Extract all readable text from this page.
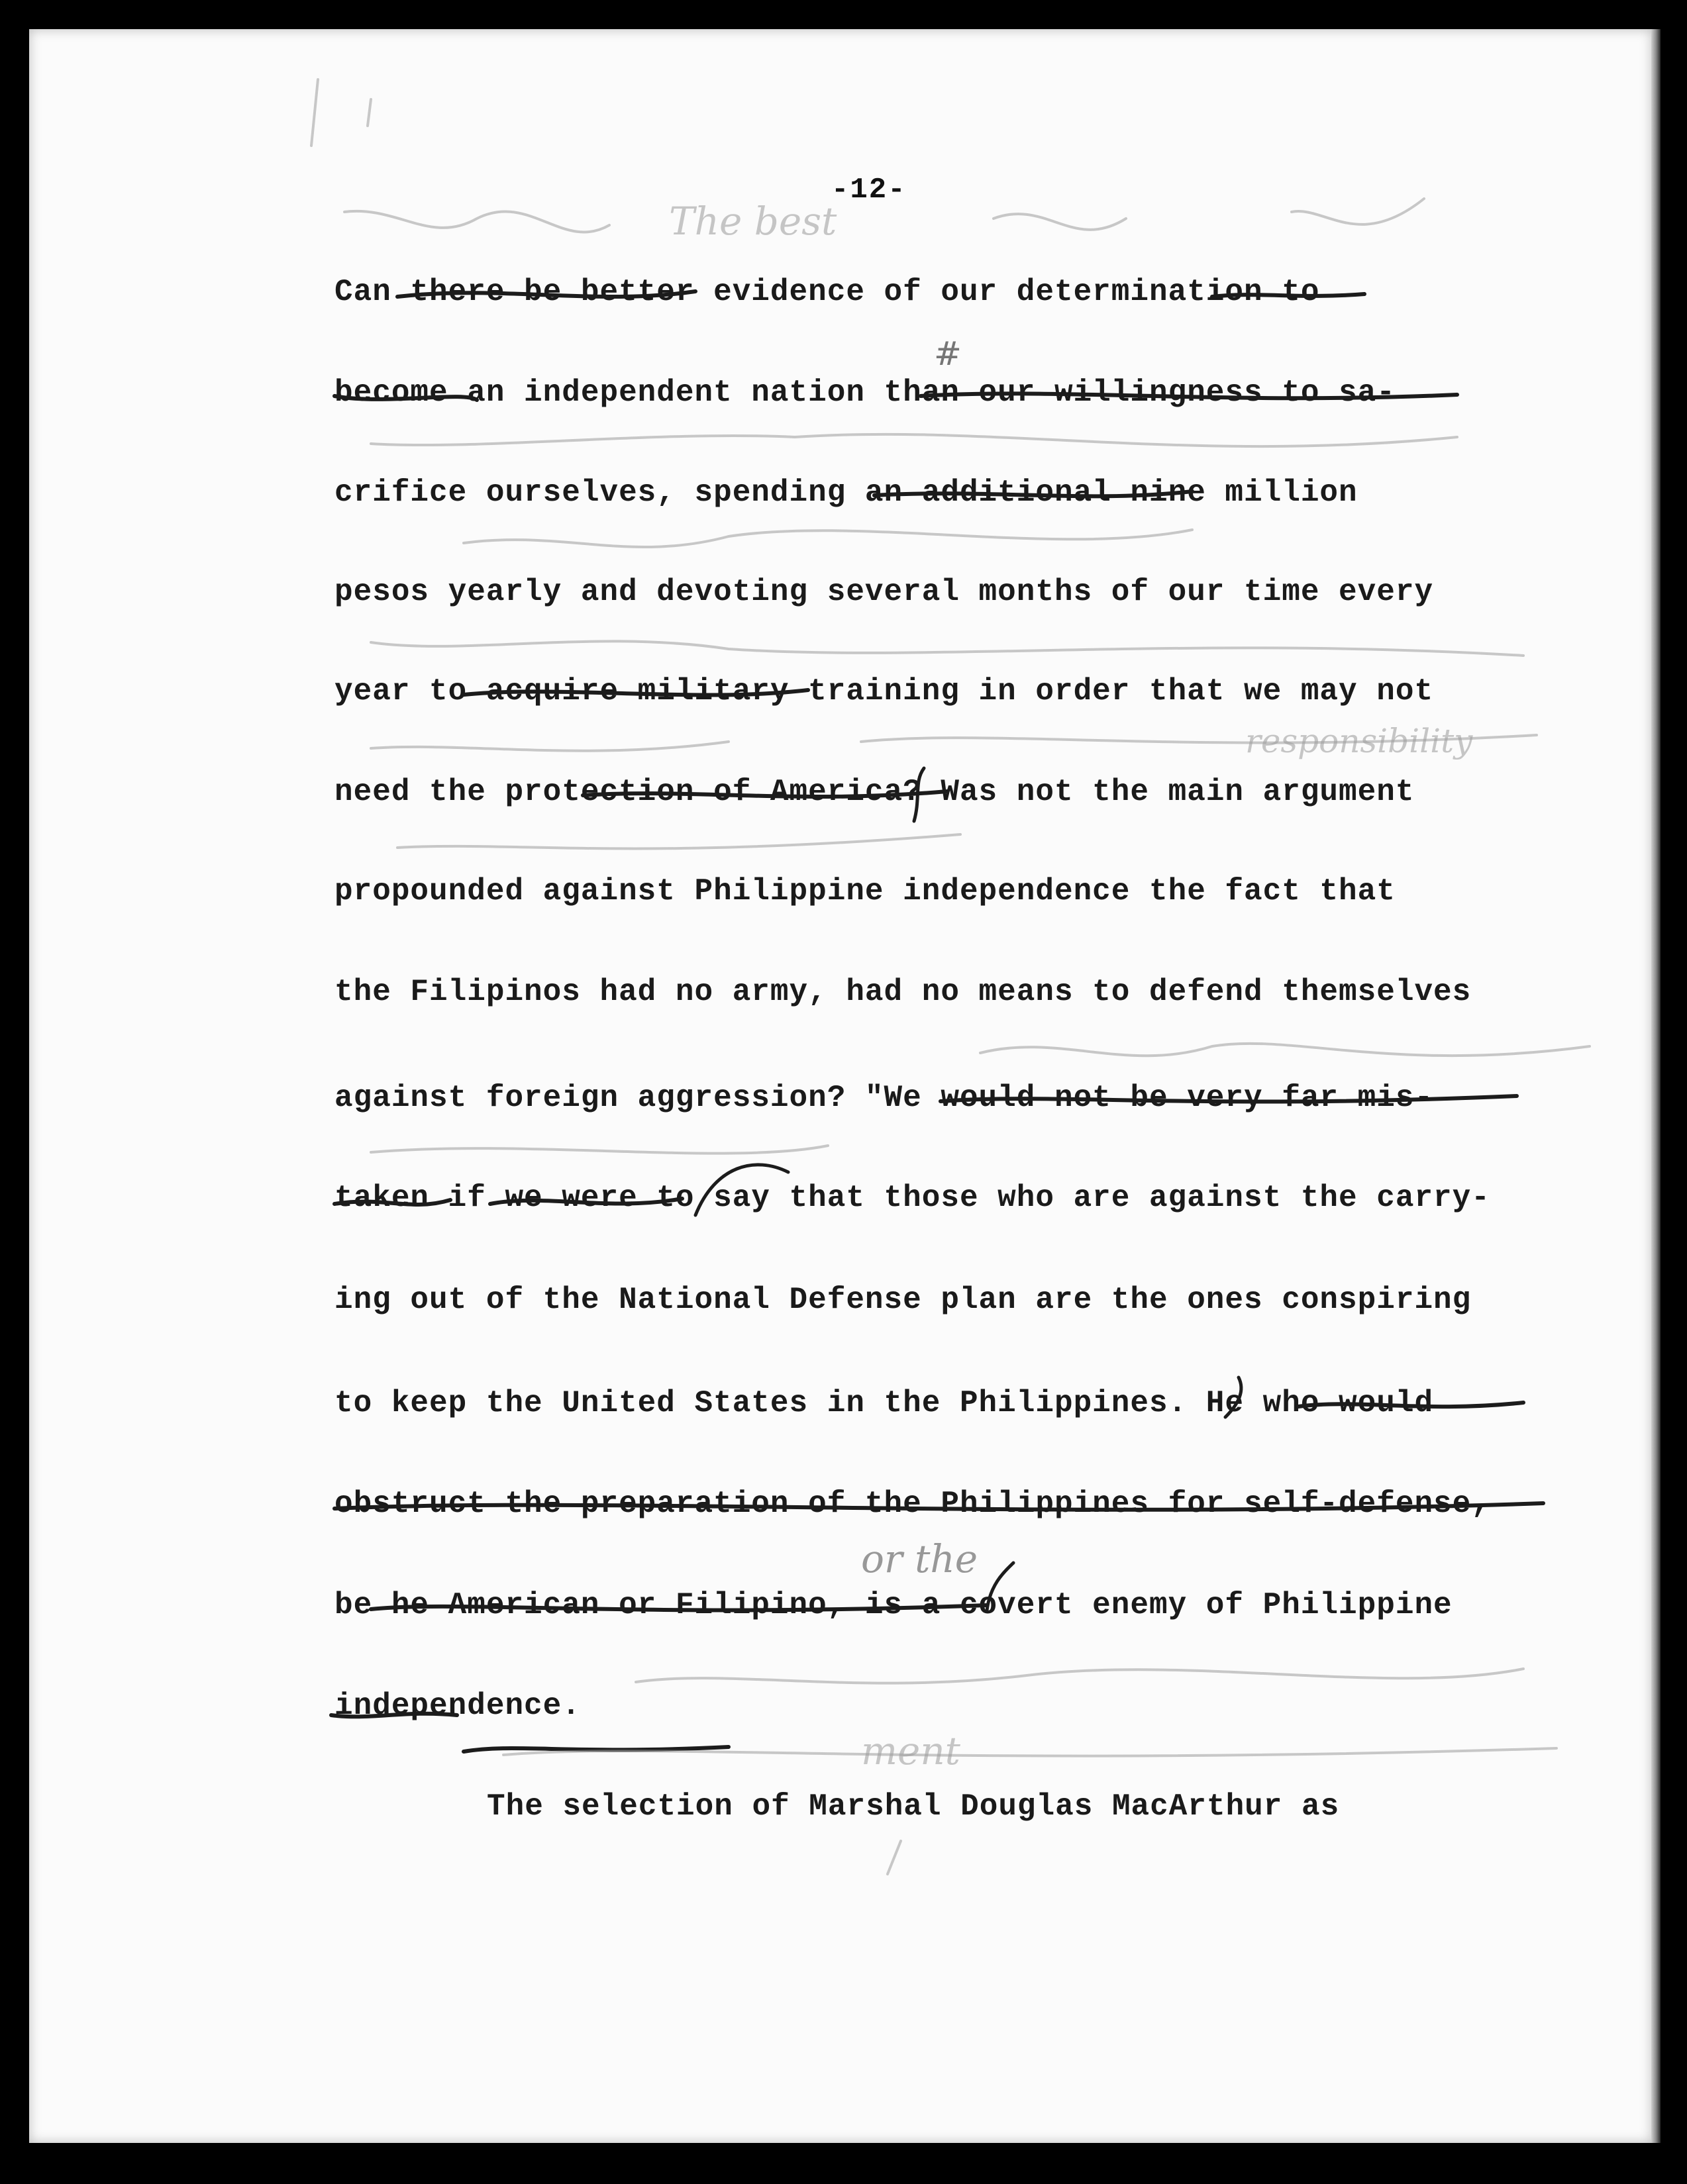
-12-
The best
#
responsibility
or the
ment
Can there be better evidence of our determination to
become an independent nation than our willingness to sa-
crifice ourselves, spending an additional nine million
pesos yearly and devoting several months of our time every
year to acquire military training in order that we may not
need the protection of America? Was not the main argument
propounded against Philippine independence the fact that
the Filipinos had no army, had no means to defend themselves
against foreign aggression? "We would not be very far mis-
taken if we were to say that those who are against the carry-
ing out of the National Defense plan are the ones conspiring
to keep the United States in the Philippines. He who would
obstruct the preparation of the Philippines for self-defense,
be he American or Filipino, is a covert enemy of Philippine
independence.
The selection of Marshal Douglas MacArthur as
